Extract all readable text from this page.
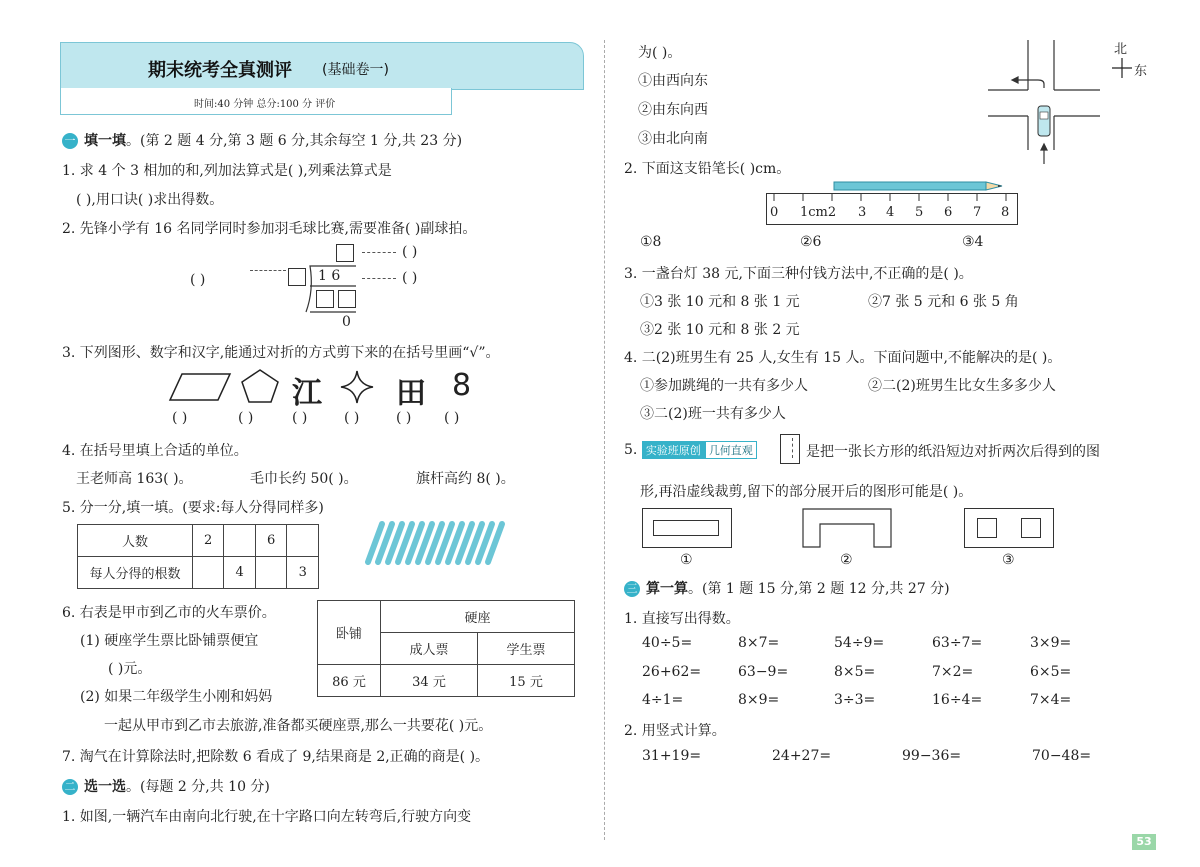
期末统考全真测评 (基础卷一)
时间:40 分钟 总分:100 分 评价
一 填一填。(第 2 题 4 分,第 3 题 6 分,其余每空 1 分,共 23 分)
1. 求 4 个 3 相加的和,列加法算式是( ),列乘法算式是
( ),用口诀( )求出得数。
2. 先锋小学有 16 名同学同时参加羽毛球比赛,需要准备( )副球拍。
( )	1 6
0
( )
( )
3. 下列图形、数字和汉字,能通过对折的方式剪下来的在括号里画“√”。
江 田 8
( )	( )	( )	( )	( ) ( )
4. 在括号里填上合适的单位。
王老师高 163( )。	毛巾长约 50( )。	旗杆高约 8( )。
5. 分一分,填一填。(要求:每人分得同样多)
人数	2		6	
每人分得的根数		4		3
6. 右表是甲市到乙市的火车票价。
(1) 硬座学生票比卧铺票便宜
( )元。
(2) 如果二年级学生小刚和妈妈
一起从甲市到乙市去旅游,准备都买硬座票,那么一共要花( )元。
卧铺	硬座	
	成人票	学生票
86 元	34 元	15 元
7. 淘气在计算除法时,把除数 6 看成了 9,结果商是 2,正确的商是( )。
二 选一选。(每题 2 分,共 10 分)
1. 如图,一辆汽车由南向北行驶,在十字路口向左转弯后,行驶方向变
为( )。
①由西向东
②由东向西
③由北向南
北
东
2. 下面这支铅笔长( )cm。
0 1cm2 3 4 5 6 7 8
①8	②6	③4
3. 一盏台灯 38 元,下面三种付钱方法中,不正确的是( )。
①3 张 10 元和 8 张 1 元	②7 张 5 元和 6 张 5 角
③2 张 10 元和 8 张 2 元
4. 二(2)班男生有 25 人,女生有 15 人。下面问题中,不能解决的是( )。
①参加跳绳的一共有多少人	②二(2)班男生比女生多多少人
③二(2)班一共有多少人
5. 实验班原创 几何直观	是把一张长方形的纸沿短边对折两次后得到的图
形,再沿虚线裁剪,留下的部分展开后的图形可能是( )。
①	②	③
三 算一算。(第 1 题 15 分,第 2 题 12 分,共 27 分)
1. 直接写出得数。
40÷5=	8×7=	54÷9=	63÷7=	3×9=
26+62=	63−9=	8×5=	7×2=	6×5=
4÷1=	8×9=	3÷3=	16÷4=	7×4=
2. 用竖式计算。
31+19=	24+27=	99−36=	70−48=
53
